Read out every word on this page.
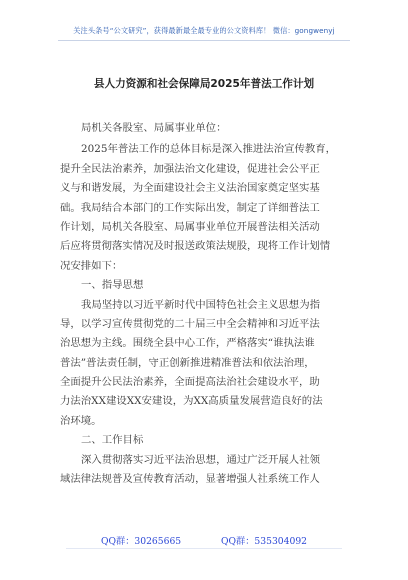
关注头条号“公文研究”，获得最新最全最专业的公文资料库！ 微信：gongwenyj
县人力资源和社会保障局2025年普法工作计划
局机关各股室、局属事业单位：
2025年普法工作的总体目标是深入推进法治宣传教育，
提升全民法治素养，加强法治文化建设，促进社会公平正
义与和谐发展，为全面建设社会主义法治国家奠定坚实基
础。我局结合本部门的工作实际出发，制定了详细普法工
作计划，局机关各股室、局属事业单位开展普法相关活动
后应将贯彻落实情况及时报送政策法规股，现将工作计划情
况安排如下：
一、指导思想
我局坚持以习近平新时代中国特色社会主义思想为指
导，以学习宣传贯彻党的二十届三中全会精神和习近平法
治思想为主线。围绕全县中心工作，严格落实“谁执法谁
普法”普法责任制，守正创新推进精准普法和依法治理，
全面提升公民法治素养，全面提高法治社会建设水平，助
力法治XX建设XX安建设，为XX高质量发展营造良好的法
治环境。
二、工作目标
深入贯彻落实习近平法治思想，通过广泛开展人社领
域法律法规普及宣传教育活动，显著增强人社系统工作人
QQ群：30265665	QQ群：535304092
